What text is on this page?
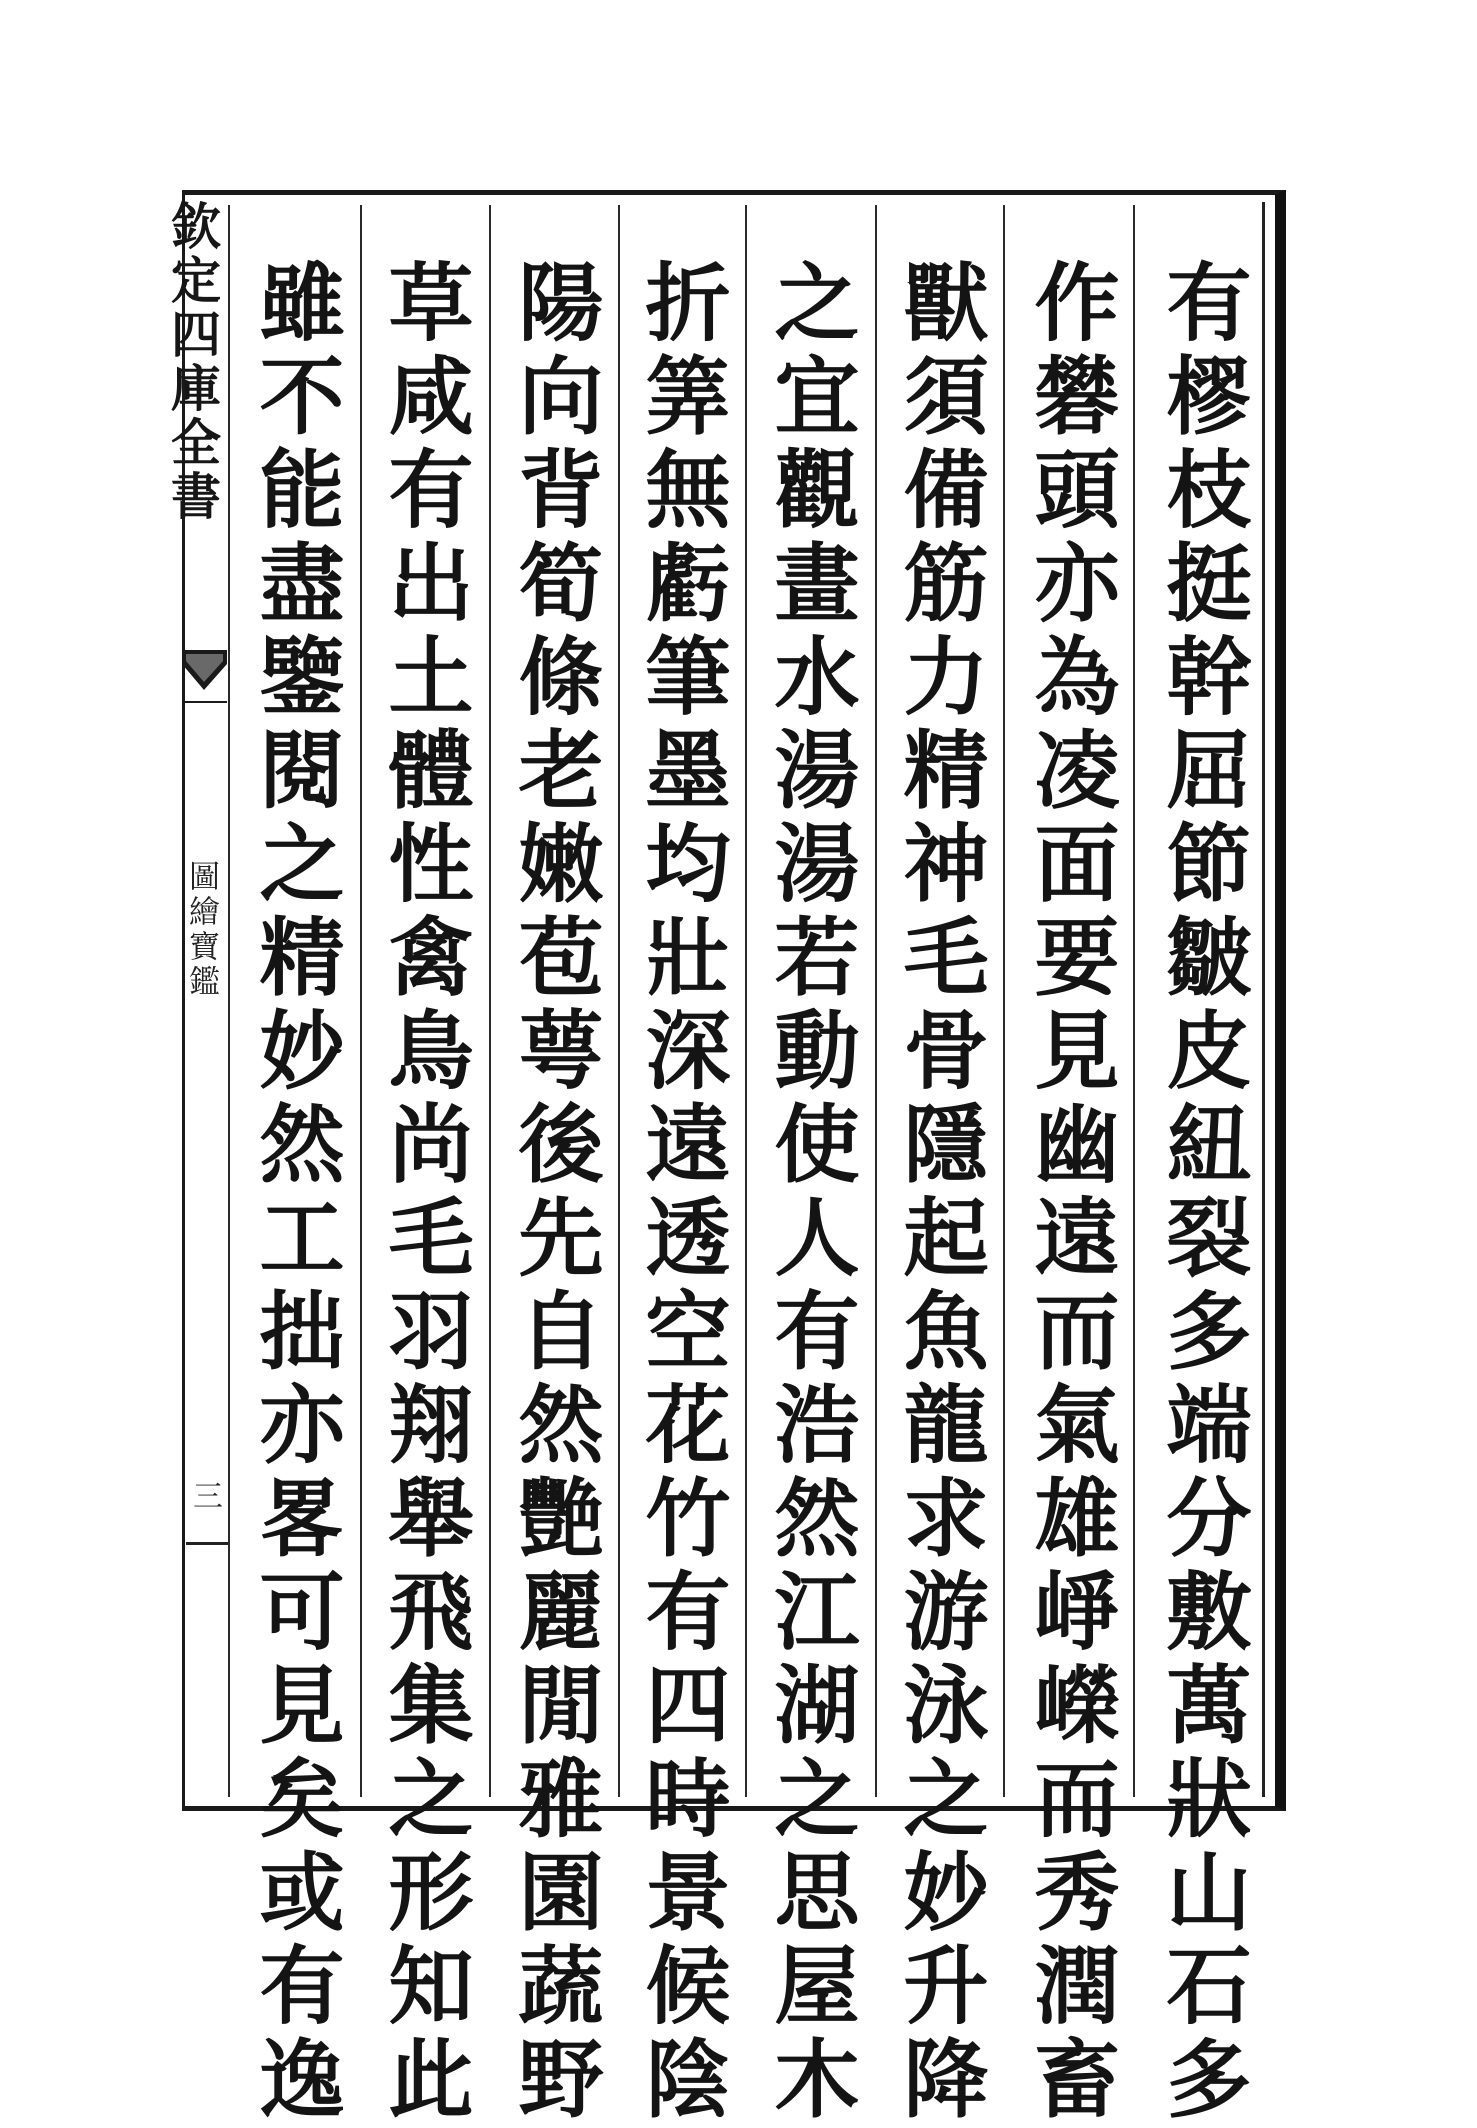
欽定四庫全書
圖繪寶鑑
三	有樛枝挺幹屈節皺皮紐裂多端分敷萬狀山石多
作礬頭亦為凌面要見幽遠而氣雄崢嶸而秀潤畜
獸須備筋力精神毛骨隱起魚龍求游泳之妙升降
之宜觀畫水湯湯若動使人有浩然江湖之思屋木
折筭無虧筆墨均壯深遠透空花竹有四時景候陰
陽向背筍條老嫩苞萼後先自然艷麗閒雅園蔬野
草咸有出土體性禽鳥尚毛羽翔舉飛集之形知此
雖不能盡鑒閱之精妙然工拙亦畧可見矣或有逸
